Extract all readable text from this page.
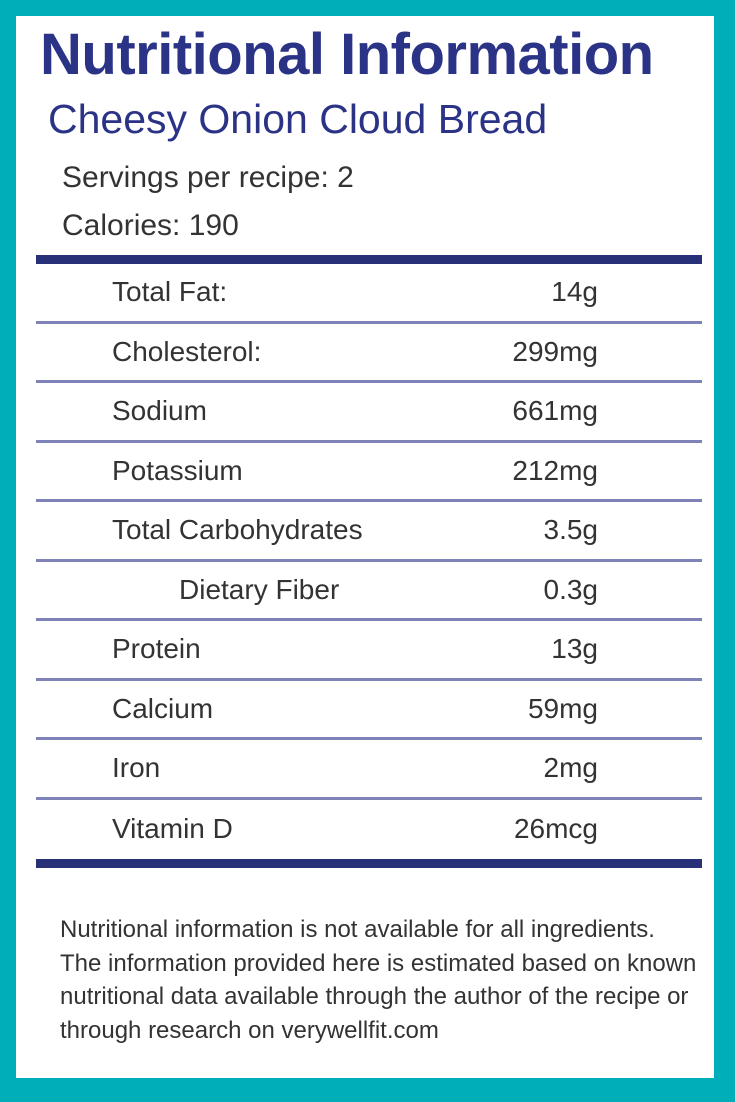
Nutritional Information
Cheesy Onion Cloud Bread
Servings per recipe: 2
Calories: 190
Total Fat:	14g
Cholesterol:	299mg
Sodium	661mg
Potassium	212mg
Total Carbohydrates	3.5g
Dietary Fiber	0.3g
Protein	13g
Calcium	59mg
Iron	2mg
Vitamin D	26mcg
Nutritional information is not available for all ingredients.
The information provided here is estimated based on known
nutritional data available through the author of the recipe or
through research on verywellfit.com
